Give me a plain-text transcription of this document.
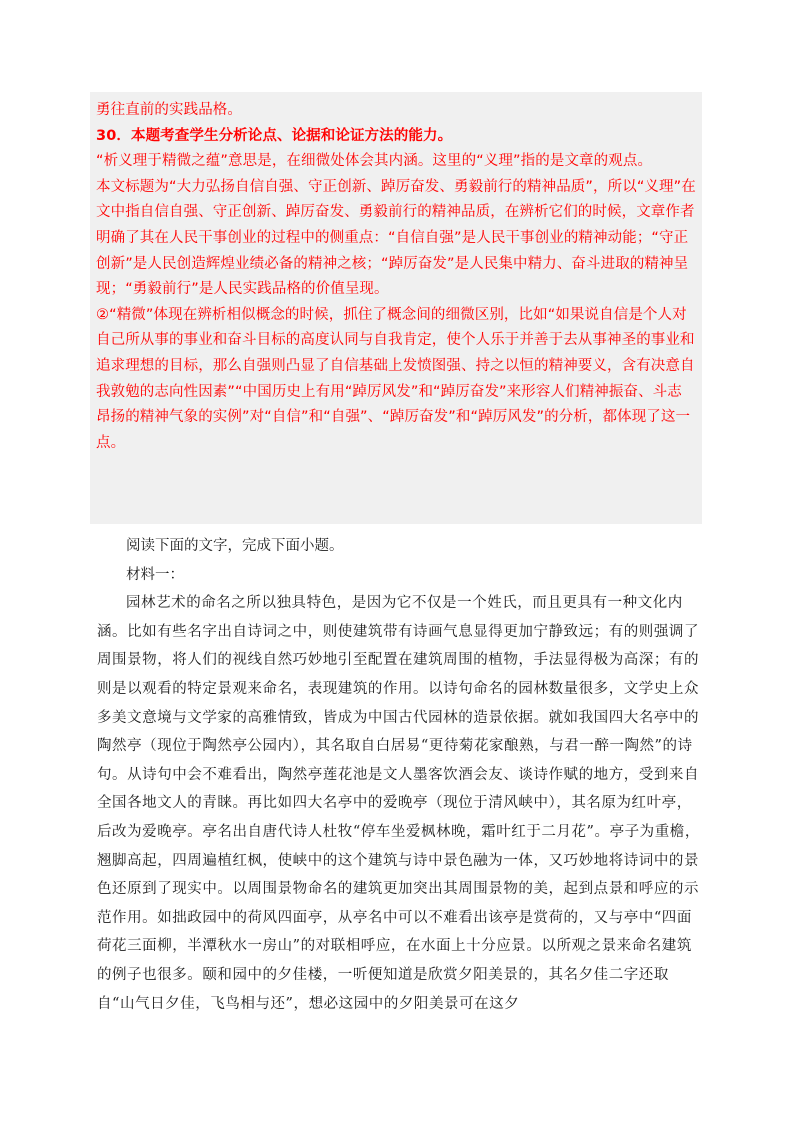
勇往直前的实践品格。

30．本题考查学生分析论点、论据和论证方法的能力。

“析义理于精微之蕴”意思是，在细微处体会其内涵。这里的“义理”指的是文章的观点。

本文标题为“大力弘扬自信自强、守正创新、踔厉奋发、勇毅前行的精神品质”，所以“义理”在文中指自信自强、守正创新、踔厉奋发、勇毅前行的精神品质，在辨析它们的时候，文章作者明确了其在人民干事创业的过程中的侧重点：“自信自强”是人民干事创业的精神动能；“守正创新”是人民创造辉煌业绩必备的精神之核；“踔厉奋发”是人民集中精力、奋斗进取的精神呈现；“勇毅前行”是人民实践品格的价值呈现。

②“精微”体现在辨析相似概念的时候，抓住了概念间的细微区别，比如“如果说自信是个人对自己所从事的事业和奋斗目标的高度认同与自我肯定，使个人乐于并善于去从事神圣的事业和追求理想的目标，那么自强则凸显了自信基础上发愤图强、持之以恒的精神要义，含有决意自我敦勉的志向性因素”“中国历史上有用“踔厉风发”和“踔厉奋发”来形容人们精神振奋、斗志昂扬的精神气象的实例”对“自信”和“自强”、“踔厉奋发”和“踔厉风发”的分析，都体现了这一点。

阅读下面的文字，完成下面小题。

材料一：

园林艺术的命名之所以独具特色，是因为它不仅是一个姓氏，而且更具有一种文化内涵。比如有些名字出自诗词之中，则使建筑带有诗画气息显得更加宁静致远；有的则强调了周围景物，将人们的视线自然巧妙地引至配置在建筑周围的植物，手法显得极为高深；有的则是以观看的特定景观来命名，表现建筑的作用。以诗句命名的园林数量很多，文学史上众多美文意境与文学家的高雅情致，皆成为中国古代园林的造景依据。就如我国四大名亭中的陶然亭（现位于陶然亭公园内），其名取自白居易“更待菊花家酿熟，与君一醉一陶然”的诗句。从诗句中会不难看出，陶然亭莲花池是文人墨客饮酒会友、谈诗作赋的地方，受到来自全国各地文人的青睐。再比如四大名亭中的爱晚亭（现位于清风峡中），其名原为红叶亭，后改为爱晚亭。亭名出自唐代诗人杜牧“停车坐爱枫林晚，霜叶红于二月花”。亭子为重檐，翘脚高起，四周遍植红枫，使峡中的这个建筑与诗中景色融为一体，又巧妙地将诗词中的景色还原到了现实中。以周围景物命名的建筑更加突出其周围景物的美，起到点景和呼应的示范作用。如拙政园中的荷风四面亭，从亭名中可以不难看出该亭是赏荷的，又与亭中“四面荷花三面柳，半潭秋水一房山”的对联相呼应，在水面上十分应景。以所观之景来命名建筑的例子也很多。颐和园中的夕佳楼，一听便知道是欣赏夕阳美景的，其名夕佳二字还取自“山气日夕佳，飞鸟相与还”，想必这园中的夕阳美景可在这夕
